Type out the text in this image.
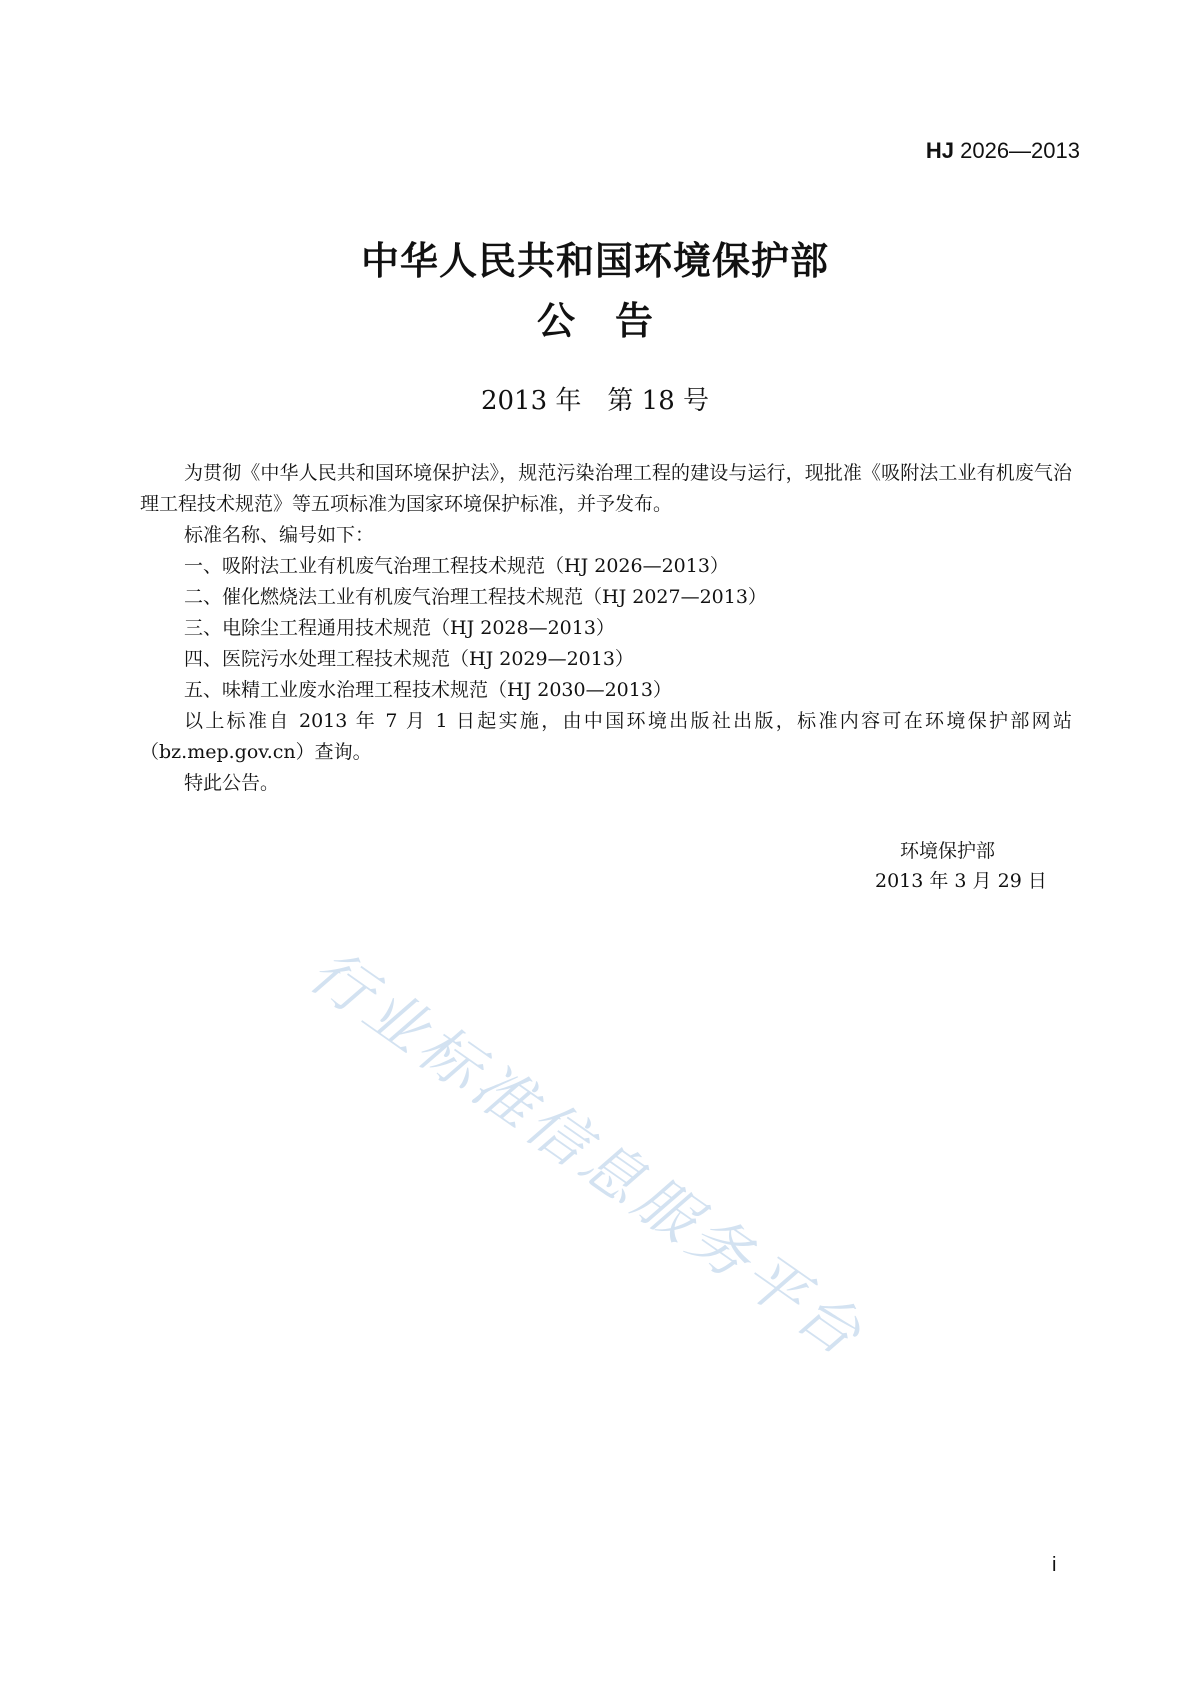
HJ 2026—2013
中华人民共和国环境保护部
公告
2013 年　第 18 号

为贯彻《中华人民共和国环境保护法》，规范污染治理工程的建设与运行，现批准《吸附法工业有机废气治理工程技术规范》等五项标准为国家环境保护标准，并予发布。

标准名称、编号如下：

一、吸附法工业有机废气治理工程技术规范（HJ 2026—2013）

二、催化燃烧法工业有机废气治理工程技术规范（HJ 2027—2013）

三、电除尘工程通用技术规范（HJ 2028—2013）

四、医院污水处理工程技术规范（HJ 2029—2013）

五、味精工业废水治理工程技术规范（HJ 2030—2013）

以上标准自 2013 年 7 月 1 日起实施，由中国环境出版社出版，标准内容可在环境保护部网站（bz.mep.gov.cn）查询。

特此公告。

环境保护部
2013 年 3 月 29 日
行业标准信息服务平台
i
